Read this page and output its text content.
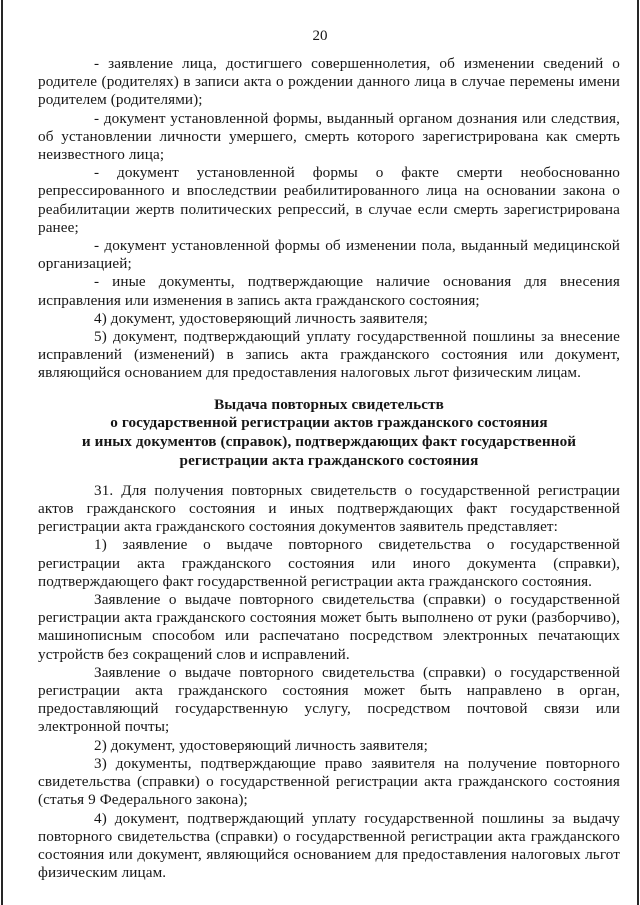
20

- заявление лица, достигшего совершеннолетия, об изменении сведений о родителе (родителях) в записи акта о рождении данного лица в случае перемены имени родителем (родителями);

- документ установленной формы, выданный органом дознания или следствия, об установлении личности умершего, смерть которого зарегистрирована как смерть неизвестного лица;

- документ установленной формы о факте смерти необоснованно репрессированного и впоследствии реабилитированного лица на основании закона о реабилитации жертв политических репрессий, в случае если смерть зарегистрирована ранее;

- документ установленной формы об изменении пола, выданный медицинской организацией;

- иные документы, подтверждающие наличие основания для внесения исправления или изменения в запись акта гражданского состояния;

4) документ, удостоверяющий личность заявителя;

5) документ, подтверждающий уплату государственной пошлины за внесение исправлений (изменений) в запись акта гражданского состояния или документ, являющийся основанием для предоставления налоговых льгот физическим лицам.

Выдача повторных свидетельств
о государственной регистрации актов гражданского состояния
и иных документов (справок), подтверждающих факт государственной
регистрации акта гражданского состояния

31. Для получения повторных свидетельств о государственной регистрации актов гражданского состояния и иных подтверждающих факт государственной регистрации акта гражданского состояния документов заявитель представляет:

1) заявление о выдаче повторного свидетельства о государственной регистрации акта гражданского состояния или иного документа (справки), подтверждающего факт государственной регистрации акта гражданского состояния.

Заявление о выдаче повторного свидетельства (справки) о государственной регистрации акта гражданского состояния может быть выполнено от руки (разборчиво), машинописным способом или распечатано посредством электронных печатающих устройств без сокращений слов и исправлений.

Заявление о выдаче повторного свидетельства (справки) о государственной регистрации акта гражданского состояния может быть направлено в орган, предоставляющий государственную услугу, посредством почтовой связи или электронной почты;

2) документ, удостоверяющий личность заявителя;

3) документы, подтверждающие право заявителя на получение повторного свидетельства (справки) о государственной регистрации акта гражданского состояния (статья 9 Федерального закона);

4) документ, подтверждающий уплату государственной пошлины за выдачу повторного свидетельства (справки) о государственной регистрации акта гражданского состояния или документ, являющийся основанием для предоставления налоговых льгот физическим лицам.
